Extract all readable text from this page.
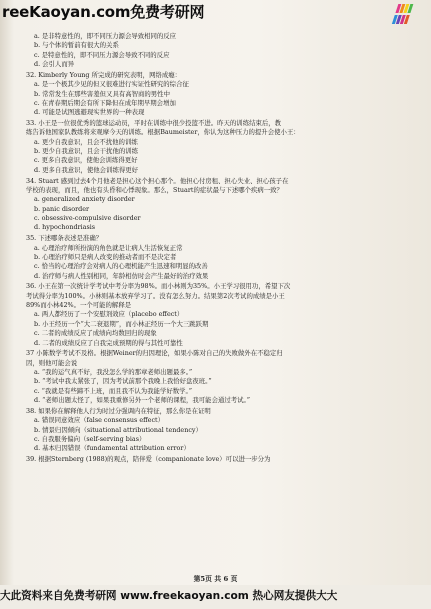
reeKaoyan.com免费考研网
a. 是非特意性的，即不同压力源会导致相同的反应
b. 与个体的暂前有很大的关系
c. 是特意性的，即不同压力源会导致不同的反应
d. 会引人而异
32. Kimberly Young 所完成的研究表明，网络成瘾：
a. 是一个极其少见的但又很难进行实证性研究的综合征
b. 常常发生在那些害羞但又具有高智商的男性中
c. 在青春期后期会有所下降但在成年期早期会增加
d. 可能是试图逃避现实世界的一种表现
33. 小王是一位很优秀的篮球运动员，平时在训练中很少投篮不进。昨天的训练结束后，教
练告诉他国家队教练将来观摩今天的训练。根据Baumeister，你认为这种压力的提升会使小王：
a. 更少自我意识，且会不扰他的训练
b. 更少自我意识，且会干扰他的训练
c. 更多自我意识，使他会训练得更好
d. 更多自我意识，使他会训练得更好
34. Stuart 感到过去4个月他老是担心这个担心那个。他担心付房租、担心失业、担心孩子在
学校的表现，而且，他也有头昏和心悸现象。那么，Stuart的症状最与下述哪个疾病一致？
a. generalized anxiety disorder
b. panic disorder
c. obsessive-compulsive disorder
d. hypochondriasis
35. 下述哪条表述是准确？
a. 心理治疗师所扮演的角色就是让病人生活恢复正常
b. 心理治疗师只是病人改变的推动者而不是决定者
c. 恰当的心理治疗会对病人的心理机能产生迅速和明显的改善
d. 治疗师与病人性别相同，年龄相仿时会产生最好的治疗效果
36. 小王在第一次统计学考试中考分率为98%。而小林则为35%。小王学习很用功，希望下次
考试得分率为100%。小林则基本放弃学习了。没有怎么努力。结果第2次考试的成绩是小王
89%而小林42%。一个可能的解释是
a. 两人都经历了一个安慰剂效应（placebo effect）
b. 小王经历一个“大二衰退期”，而小林正经历一个大三跳跃期
c. 二者的成绩反应了成绩向均数回归的现象
d. 二者的成绩反应了自我完成预期的得与其性可靠性
37 小陈数学考试不及格。根据Weiner的归因理论，如果小陈对自己的失败做外在不稳定归
因，则他可能会说
a. “我的运气真不好，我没怎么学的那章老师出题最多。”
b. “考试中我太紧张了，因为考试前那个我晚上我恰好盘夜班。”
c. “我就是有些蹄不上班，而且我不认为我能学好数学。”
d. “老师出题太怪了，如果我重修另外一个老师的课程，我可能会通过考试。”
38. 如果你在解释他人行为时过分强调内在特征，那么你是在证明
a. 错误同意效应（false consensus effect）
b. 情景归因倾向（situational attributional tendency）
c. 自我服务偏向（self-serving bias）
d. 基本归因错误（fundamental attribution error）
39. 根据Sternberg (1988)的观点，陪伴爱（companionate love）可以进一步分为
第5页 共 6 页
大此资料来自免费考研网 www.freekaoyan.com 热心网友提供大大
